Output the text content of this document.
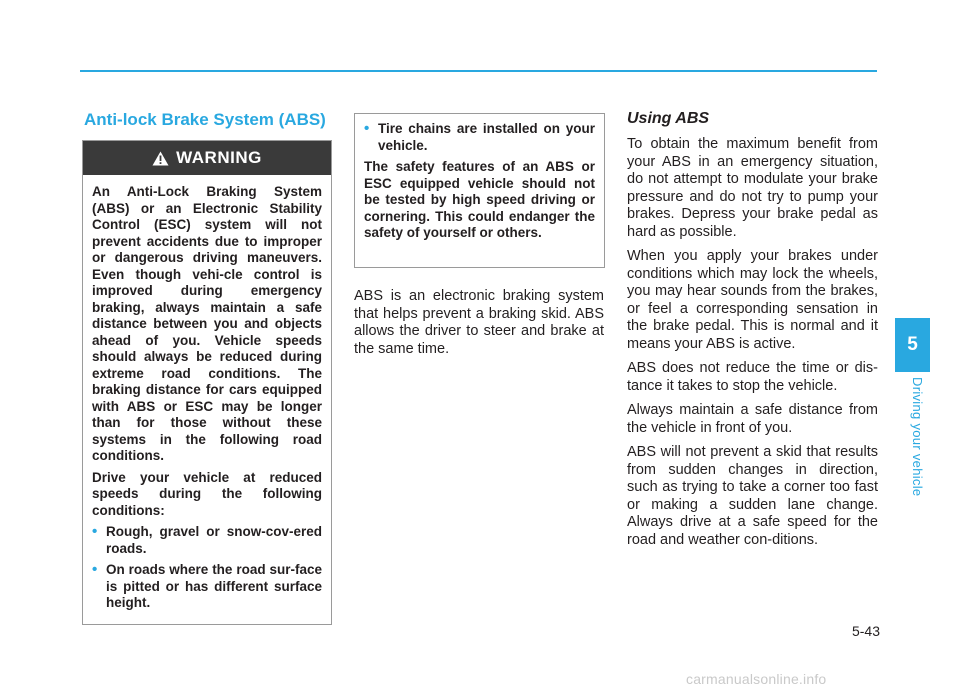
Anti-lock Brake System (ABS)
WARNING

An Anti-Lock Braking System (ABS) or an Electronic Stability Control (ESC) system will not prevent accidents due to improper or dangerous driving maneuvers. Even though vehi-cle control is improved during emergency braking, always maintain a safe distance between you and objects ahead of you. Vehicle speeds should always be reduced during extreme road conditions. The braking distance for cars equipped with ABS or ESC may be longer than for those without these systems in the following road conditions.

Drive your vehicle at reduced speeds during the following conditions:

• Rough, gravel or snow-cov-ered roads.
• On roads where the road sur-face is pitted or has different surface height.
• Tire chains are installed on your vehicle.

The safety features of an ABS or ESC equipped vehicle should not be tested by high speed driving or cornering. This could endanger the safety of yourself or others.

ABS is an electronic braking system that helps prevent a braking skid. ABS allows the driver to steer and brake at the same time.

Using ABS

To obtain the maximum benefit from your ABS in an emergency situation, do not attempt to modulate your brake pressure and do not try to pump your brakes. Depress your brake pedal as hard as possible.

When you apply your brakes under conditions which may lock the wheels, you may hear sounds from the brakes, or feel a corresponding sensation in the brake pedal. This is normal and it means your ABS is active.

ABS does not reduce the time or dis-tance it takes to stop the vehicle.

Always maintain a safe distance from the vehicle in front of you.

ABS will not prevent a skid that results from sudden changes in direction, such as trying to take a corner too fast or making a sudden lane change. Always drive at a safe speed for the road and weather con-ditions.

5
Driving your vehicle
5-43
carmanualsonline.info
